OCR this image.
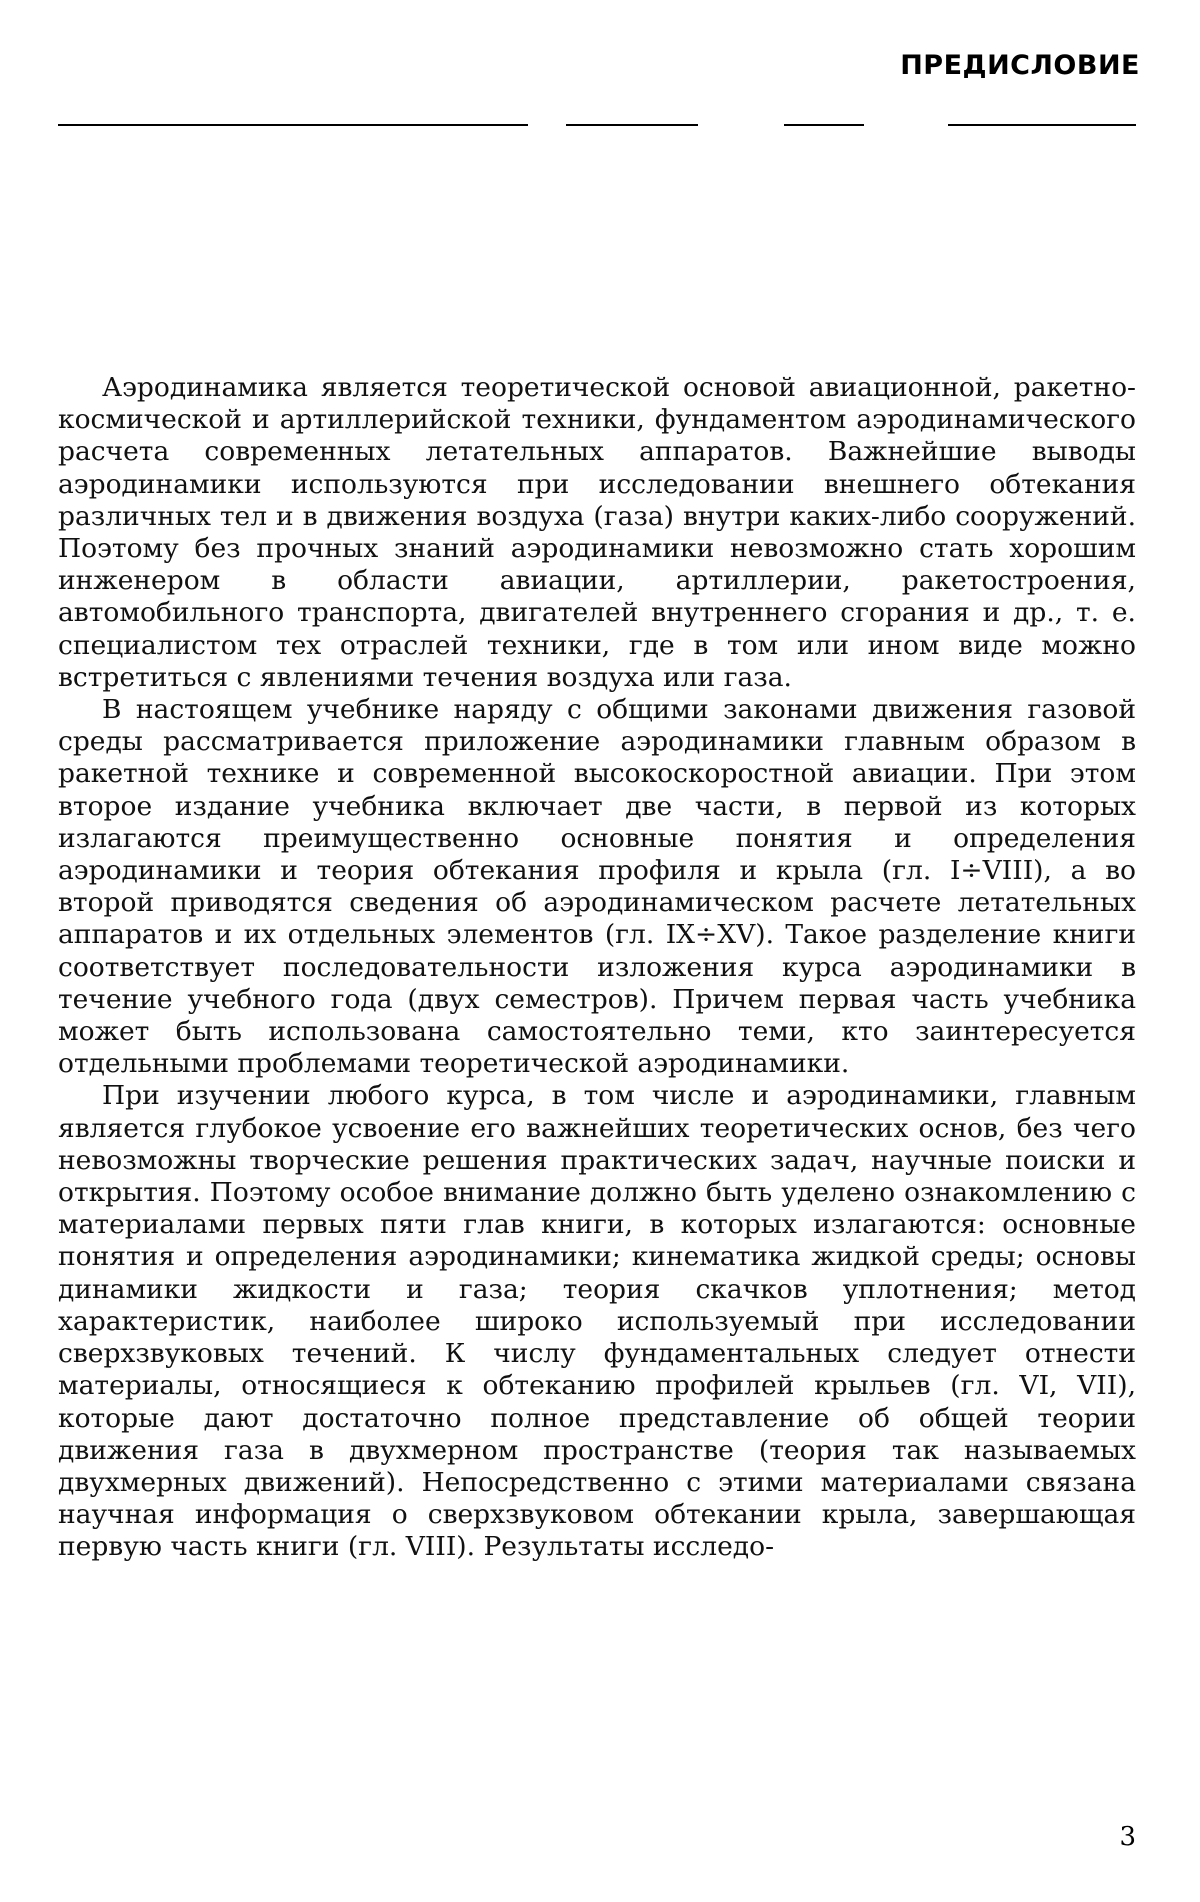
ПРЕДИСЛОВИЕ

Аэродинамика является теоретической основой авиационной, ракетно-космической и артиллерийской техники, фундаментом аэродинамического расчета современных летательных аппаратов. Важнейшие выводы аэродинамики используются при исследовании внешнего обтекания различных тел и в движения воздуха (газа) внутри каких-либо сооружений. Поэтому без прочных знаний аэродинамики невозможно стать хорошим инженером в области авиации, артиллерии, ракетостроения, автомобильного транспорта, двигателей внутреннего сгорания и др., т. е. специалистом тех отраслей техники, где в том или ином виде можно встретиться с явлениями течения воздуха или газа.

В настоящем учебнике наряду с общими законами движения газовой среды рассматривается приложение аэродинамики главным образом в ракетной технике и современной высокоскоростной авиации. При этом второе издание учебника включает две части, в первой из которых излагаются преимущественно основные понятия и определения аэродинамики и теория обтекания профиля и крыла (гл. I÷VIII), а во второй приводятся сведения об аэродинамическом расчете летательных аппаратов и их отдельных элементов (гл. IX÷XV). Такое разделение книги соответствует последовательности изложения курса аэродинамики в течение учебного года (двух семестров). Причем первая часть учебника может быть использована самостоятельно теми, кто заинтересуется отдельными проблемами теоретической аэродинамики.

При изучении любого курса, в том числе и аэродинамики, главным является глубокое усвоение его важнейших теоретических основ, без чего невозможны творческие решения практических задач, научные поиски и открытия. Поэтому особое внимание должно быть уделено ознакомлению с материалами первых пяти глав книги, в которых излагаются: основные понятия и определения аэродинамики; кинематика жидкой среды; основы динамики жидкости и газа; теория скачков уплотнения; метод характеристик, наиболее широко используемый при исследовании сверхзвуковых течений. К числу фундаментальных следует отнести материалы, относящиеся к обтеканию профилей крыльев (гл. VI, VII), которые дают достаточно полное представление об общей теории движения газа в двухмерном пространстве (теория так называемых двухмерных движений). Непосредственно с этими материалами связана научная информация о сверхзвуковом обтекании крыла, завершающая первую часть книги (гл. VIII). Результаты исследо-

3
